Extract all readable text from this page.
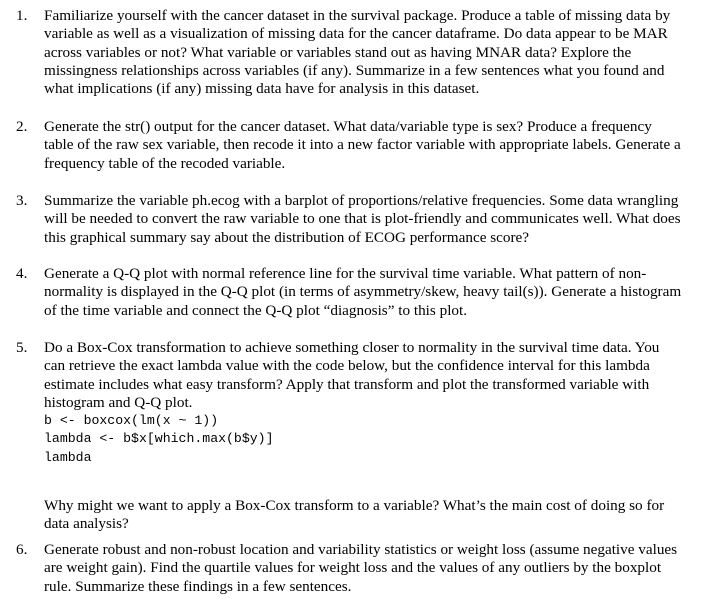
1. Familiarize yourself with the cancer dataset in the survival package. Produce a table of missing data by
variable as well as a visualization of missing data for the cancer dataframe. Do data appear to be MAR
across variables or not? What variable or variables stand out as having MNAR data? Explore the
missingness relationships across variables (if any). Summarize in a few sentences what you found and
what implications (if any) missing data have for analysis in this dataset.
2. Generate the str() output for the cancer dataset. What data/variable type is sex? Produce a frequency
table of the raw sex variable, then recode it into a new factor variable with appropriate labels. Generate a
frequency table of the recoded variable.
3. Summarize the variable ph.ecog with a barplot of proportions/relative frequencies. Some data wrangling
will be needed to convert the raw variable to one that is plot-friendly and communicates well. What does
this graphical summary say about the distribution of ECOG performance score?
4. Generate a Q-Q plot with normal reference line for the survival time variable. What pattern of non-
normality is displayed in the Q-Q plot (in terms of asymmetry/skew, heavy tail(s)). Generate a histogram
of the time variable and connect the Q-Q plot “diagnosis” to this plot.
5. Do a Box-Cox transformation to achieve something closer to normality in the survival time data. You
can retrieve the exact lambda value with the code below, but the confidence interval for this lambda
estimate includes what easy transform? Apply that transform and plot the transformed variable with
histogram and Q-Q plot.
b <- boxcox(lm(x ~ 1))
lambda <- b$x[which.max(b$y)]
lambda
Why might we want to apply a Box-Cox transform to a variable? What’s the main cost of doing so for
data analysis?
6. Generate robust and non-robust location and variability statistics or weight loss (assume negative values
are weight gain). Find the quartile values for weight loss and the values of any outliers by the boxplot
rule. Summarize these findings in a few sentences.
